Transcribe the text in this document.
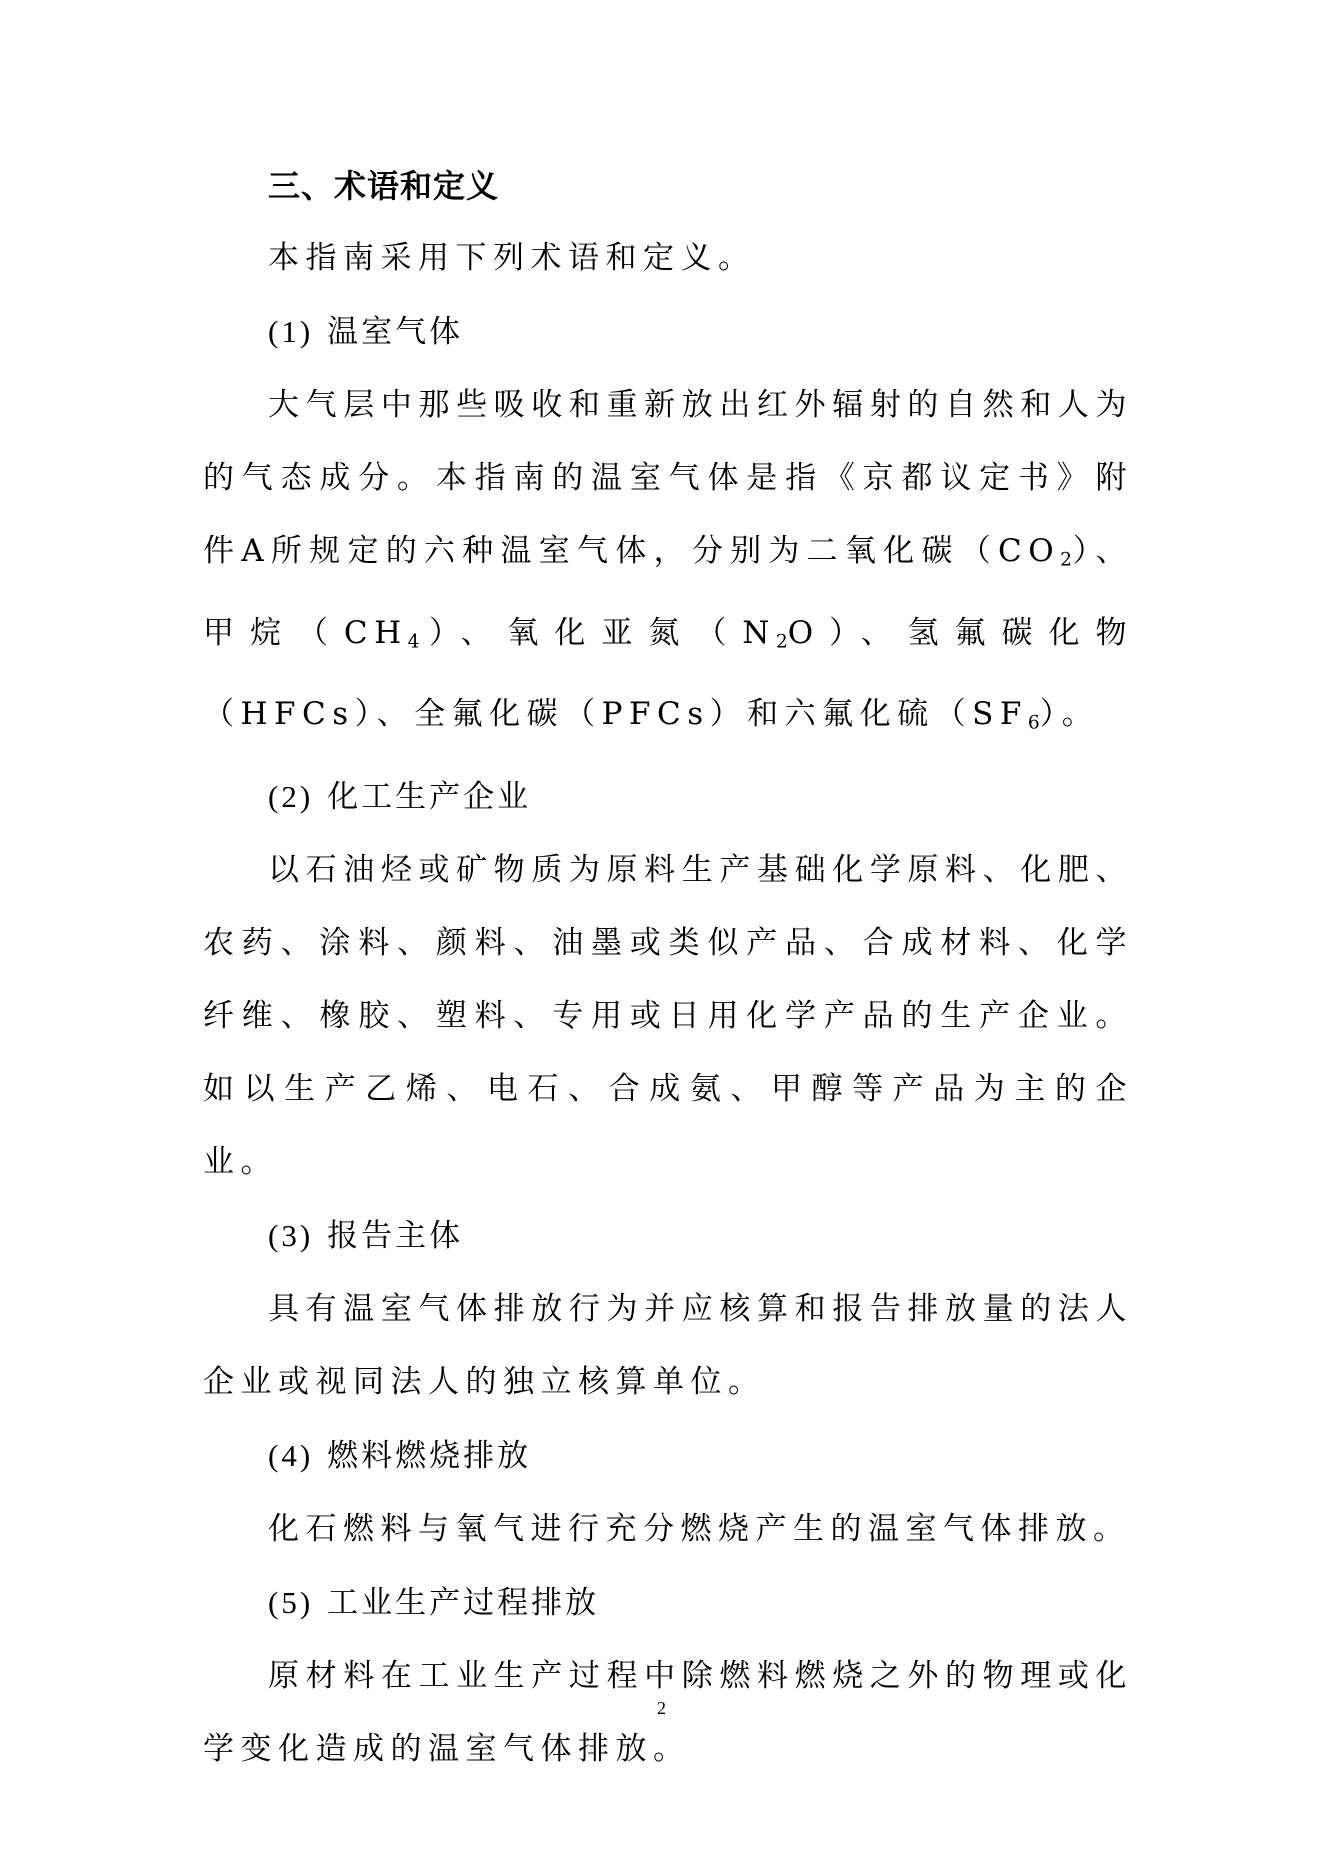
三、术语和定义

本指南采用下列术语和定义。

(1) 温室气体

大气层中那些吸收和重新放出红外辐射的自然和人为的气态成分。本指南的温室气体是指《京都议定书》附件A所规定的六种温室气体，分别为二氧化碳$(CO_2)$、甲烷$(CH_4)$、氧化亚氮$(N_2O)$、氢氟碳化物（HFCs）、全氟化碳（PFCs）和六氟化硫$(SF_6)$。

(2) 化工生产企业

以石油烃或矿物质为原料生产基础化学原料、化肥、农药、涂料、颜料、油墨或类似产品、合成材料、化学纤维、橡胶、塑料、专用或日用化学产品的生产企业。如以生产乙烯、电石、合成氨、甲醇等产品为主的企业。

(3) 报告主体

具有温室气体排放行为并应核算和报告排放量的法人企业或视同法人的独立核算单位。

(4) 燃料燃烧排放

化石燃料与氧气进行充分燃烧产生的温室气体排放。

(5) 工业生产过程排放

原材料在工业生产过程中除燃料燃烧之外的物理或化学变化造成的温室气体排放。

2
